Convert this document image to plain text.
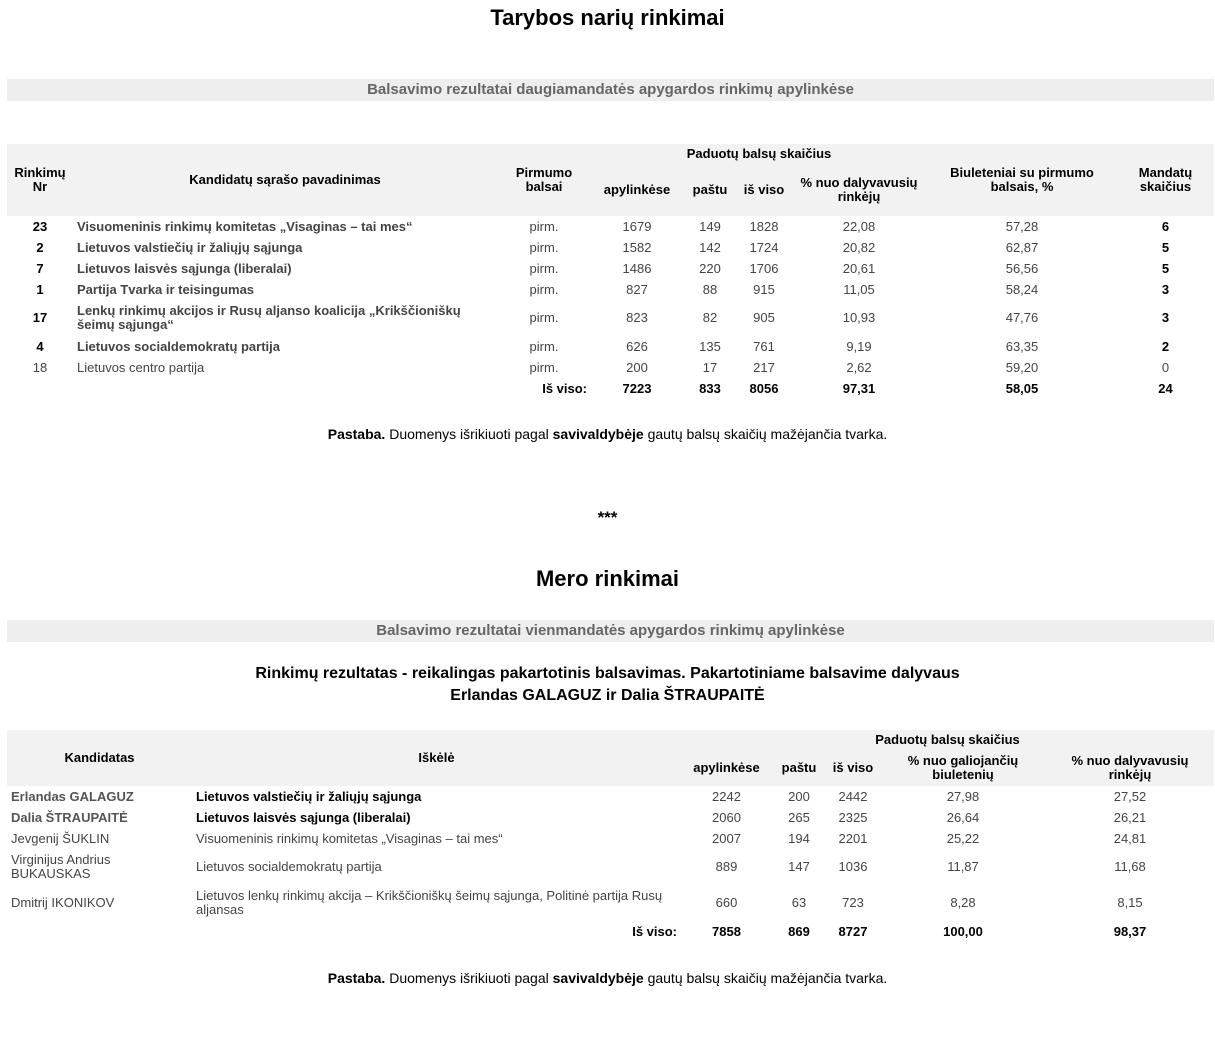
Tarybos narių rinkimai
Balsavimo rezultatai daugiamandatės apygardos rinkimų apylinkėse
Rinkimų Nr	Kandidatų sąrašo pavadinimas	Pirmumo balsai	Paduotų balsų skaičius				Biuleteniai su pirmumo balsais, %	Mandatų skaičius
			apylinkėse	paštu	iš viso	% nuo dalyvavusių rinkėjų		
23	Visuomeninis rinkimų komitetas „Visaginas – tai mes“	pirm.	1679	149	1828	22,08	57,28	6
2	Lietuvos valstiečių ir žaliųjų sąjunga	pirm.	1582	142	1724	20,82	62,87	5
7	Lietuvos laisvės sąjunga (liberalai)	pirm.	1486	220	1706	20,61	56,56	5
1	Partija Tvarka ir teisingumas	pirm.	827	88	915	11,05	58,24	3
17	Lenkų rinkimų akcijos ir Rusų aljanso koalicija „Krikščioniškų šeimų sąjunga“	pirm.	823	82	905	10,93	47,76	3
4	Lietuvos socialdemokratų partija	pirm.	626	135	761	9,19	63,35	2
18	Lietuvos centro partija	pirm.	200	17	217	2,62	59,20	0
		Iš viso:	7223	833	8056	97,31	58,05	24
Pastaba. Duomenys išrikiuoti pagal savivaldybėje gautų balsų skaičių mažėjančia tvarka.
***
Mero rinkimai
Balsavimo rezultatai vienmandatės apygardos rinkimų apylinkėse
Rinkimų rezultatas - reikalingas pakartotinis balsavimas. Pakartotiniame balsavime dalyvaus
Erlandas GALAGUZ ir Dalia ŠTRAUPAITĖ
Kandidatas	Iškėlė	Paduotų balsų skaičius				
		apylinkėse	paštu	iš viso	% nuo galiojančių biuletenių	% nuo dalyvavusių rinkėjų
Erlandas GALAGUZ	Lietuvos valstiečių ir žaliųjų sąjunga	2242	200	2442	27,98	27,52
Dalia ŠTRAUPAITĖ	Lietuvos laisvės sąjunga (liberalai)	2060	265	2325	26,64	26,21
Jevgenij ŠUKLIN	Visuomeninis rinkimų komitetas „Visaginas – tai mes“	2007	194	2201	25,22	24,81
Virginijus Andrius BUKAUSKAS	Lietuvos socialdemokratų partija	889	147	1036	11,87	11,68
Dmitrij IKONIKOV	Lietuvos lenkų rinkimų akcija – Krikščioniškų šeimų sąjunga, Politinė partija Rusų aljansas	660	63	723	8,28	8,15
	Iš viso:	7858	869	8727	100,00	98,37
Pastaba. Duomenys išrikiuoti pagal savivaldybėje gautų balsų skaičių mažėjančia tvarka.
